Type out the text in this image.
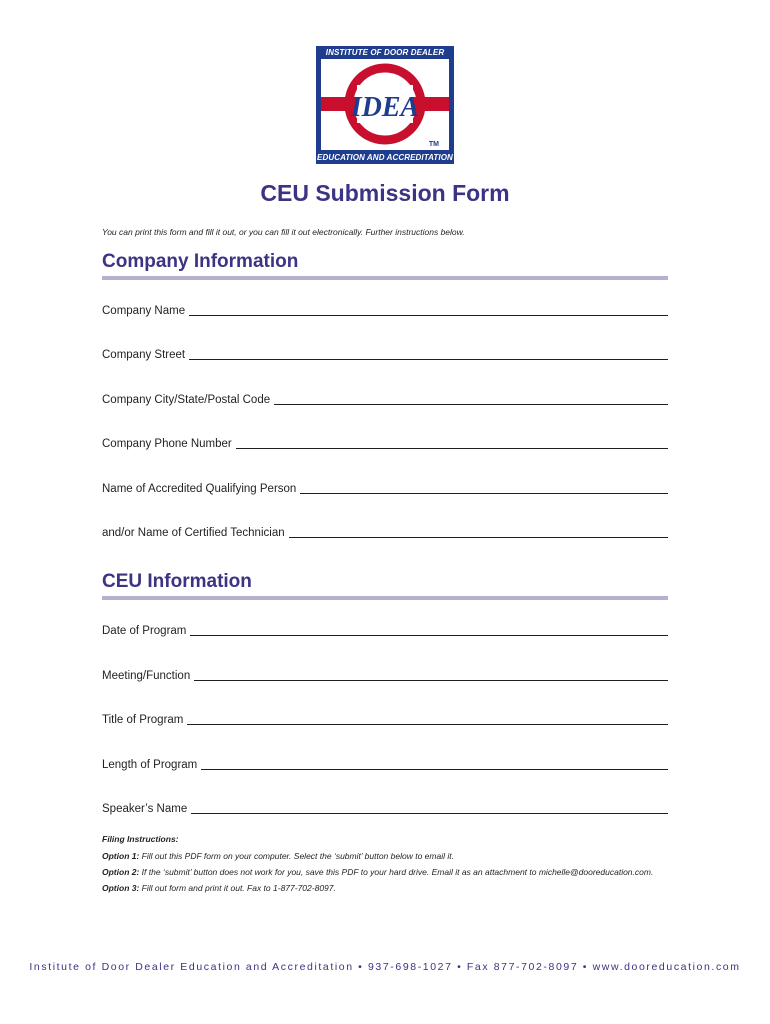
INSTITUTE OF DOOR DEALER
IDEA
TM
EDUCATION AND ACCREDITATION
CEU Submission Form
You can print this form and fill it out, or you can fill it out electronically. Further instructions below.
Company Information
Company Name
Company Street
Company City/State/Postal Code
Company Phone Number
Name of Accredited Qualifying Person
and/or Name of Certified Technician
CEU Information
Date of Program
Meeting/Function
Title of Program
Length of Program
Speaker’s Name
Filing Instructions:
Option 1: Fill out this PDF form on your computer. Select the ‘submit’ button below to email it.
Option 2: If the ‘submit’ button does not work for you, save this PDF to your hard drive. Email it as an attachment to michelle@dooreducation.com.
Option 3: Fill out form and print it out. Fax to 1-877-702-8097.
Institute of Door Dealer Education and Accreditation • 937-698-1027 • Fax 877-702-8097 • www.dooreducation.com
